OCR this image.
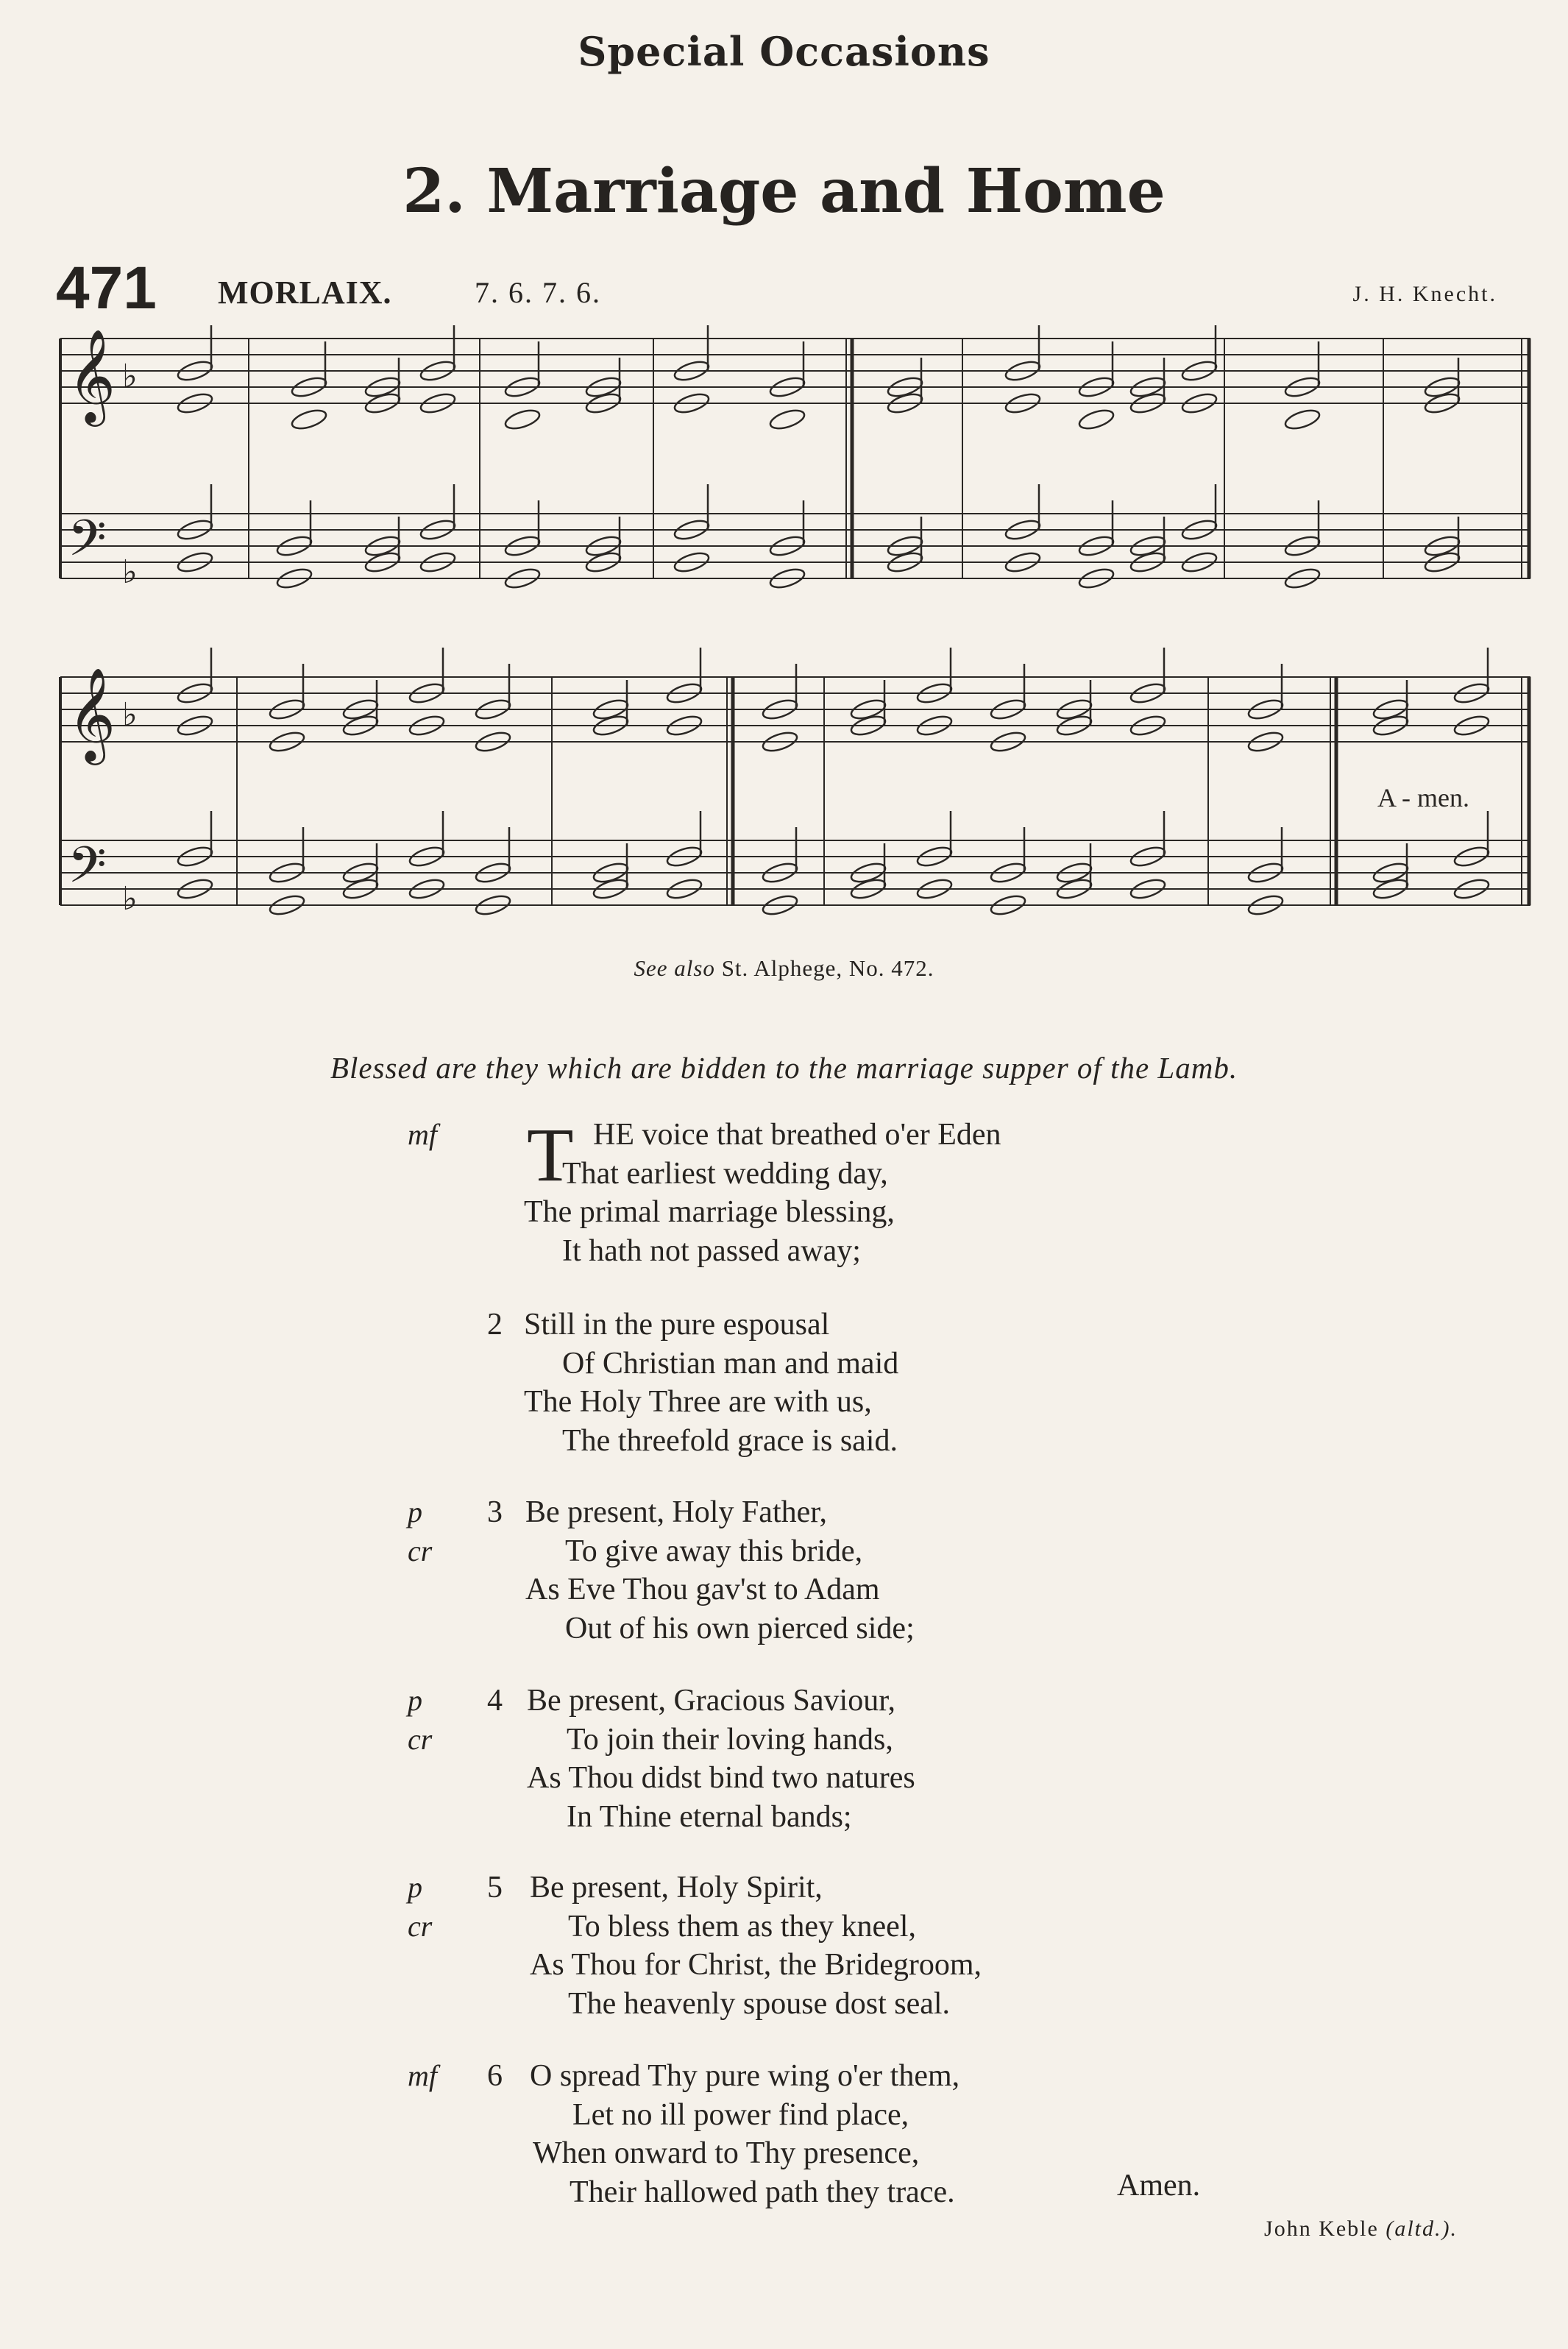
Special Occasions
2. Marriage and Home
471 MORLAIX.	7. 6. 7. 6.	J. H. Knecht.
𝄞
𝄢
𝄞
𝄢
♭
♭
♭
♭
A - men.
See also St. Alphege, No. 472.
Blessed are they which are bidden to the marriage supper of the Lamb.
T
mf	HE voice that breathed o'er Eden
That earliest wedding day,
The primal marriage blessing,
It hath not passed away;
2 Still in the pure espousal
Of Christian man and maid
The Holy Three are with us,
The threefold grace is said.
3
p	Be present, Holy Father,
cr	To give away this bride,
As Eve Thou gav'st to Adam
Out of his own pierced side;
4
p	Be present, Gracious Saviour,
cr	To join their loving hands,
As Thou didst bind two natures
In Thine eternal bands;
5
p	Be present, Holy Spirit,
cr	To bless them as they kneel,
As Thou for Christ, the Bridegroom,
The heavenly spouse dost seal.
6
mf	O spread Thy pure wing o'er them,
Let no ill power find place,
When onward to Thy presence,
Their hallowed path they trace.	Amen.
John Keble (altd.).
